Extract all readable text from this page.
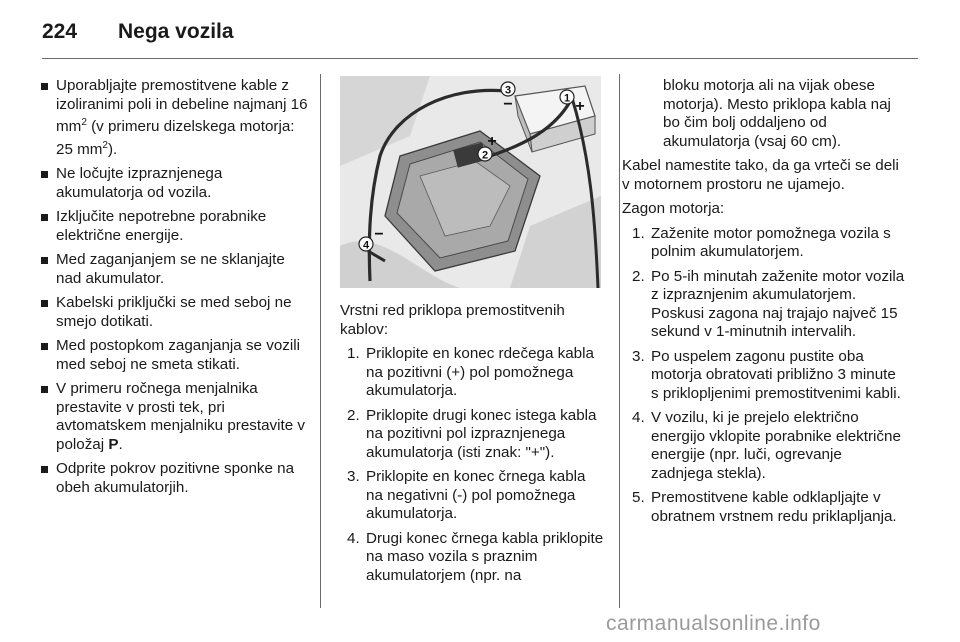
224 Nega vozila
Uporabljajte premostitvene kable z izoliranimi poli in debeline najmanj 16 $mm^2$ (v primeru dizelskega motorja: 25 $mm^2$).
Ne ločujte izpraznjenega akumulatorja od vozila.
Izključite nepotrebne porabnike električne energije.
Med zaganjanjem se ne sklanjajte nad akumulator.
Kabelski priključki se med seboj ne smejo dotikati.
Med postopkom zaganjanja se vozili med seboj ne smeta stikati.
V primeru ročnega menjalnika prestavite v prosti tek, pri avtomatskem menjalniku prestavite v položaj P.
Odprite pokrov pozitivne sponke na obeh akumulatorjih.
1 +
2
+
3
−
4
−

Vrstni red priklopa premostitvenih kablov:

1. Priklopite en konec rdečega kabla na pozitivni (+) pol pomožnega akumulatorja.
2. Priklopite drugi konec istega kabla na pozitivni pol izpraznjenega akumulatorja (isti znak: "+").
3. Priklopite en konec črnega kabla na negativni (-) pol pomožnega akumulatorja.
4. Drugi konec črnega kabla priklopite na maso vozila s praznim akumulatorjem (npr. na

bloku motorja ali na vijak obese motorja). Mesto priklopa kabla naj bo čim bolj oddaljeno od akumulatorja (vsaj 60 cm).

Kabel namestite tako, da ga vrteči se deli v motornem prostoru ne ujamejo.

Zagon motorja:

1. Zaženite motor pomožnega vozila s polnim akumulatorjem.
2. Po 5-ih minutah zaženite motor vozila z izpraznjenim akumulatorjem. Poskusi zagona naj trajajo največ 15 sekund v 1-minutnih intervalih.
3. Po uspelem zagonu pustite oba motorja obratovati približno 3 minute s priklopljenimi premostitvenimi kabli.
4. V vozilu, ki je prejelo električno energijo vklopite porabnike električne energije (npr. luči, ogrevanje zadnjega stekla).
5. Premostitvene kable odklapljajte v obratnem vrstnem redu priklapljanja.
carmanualsonline.info
